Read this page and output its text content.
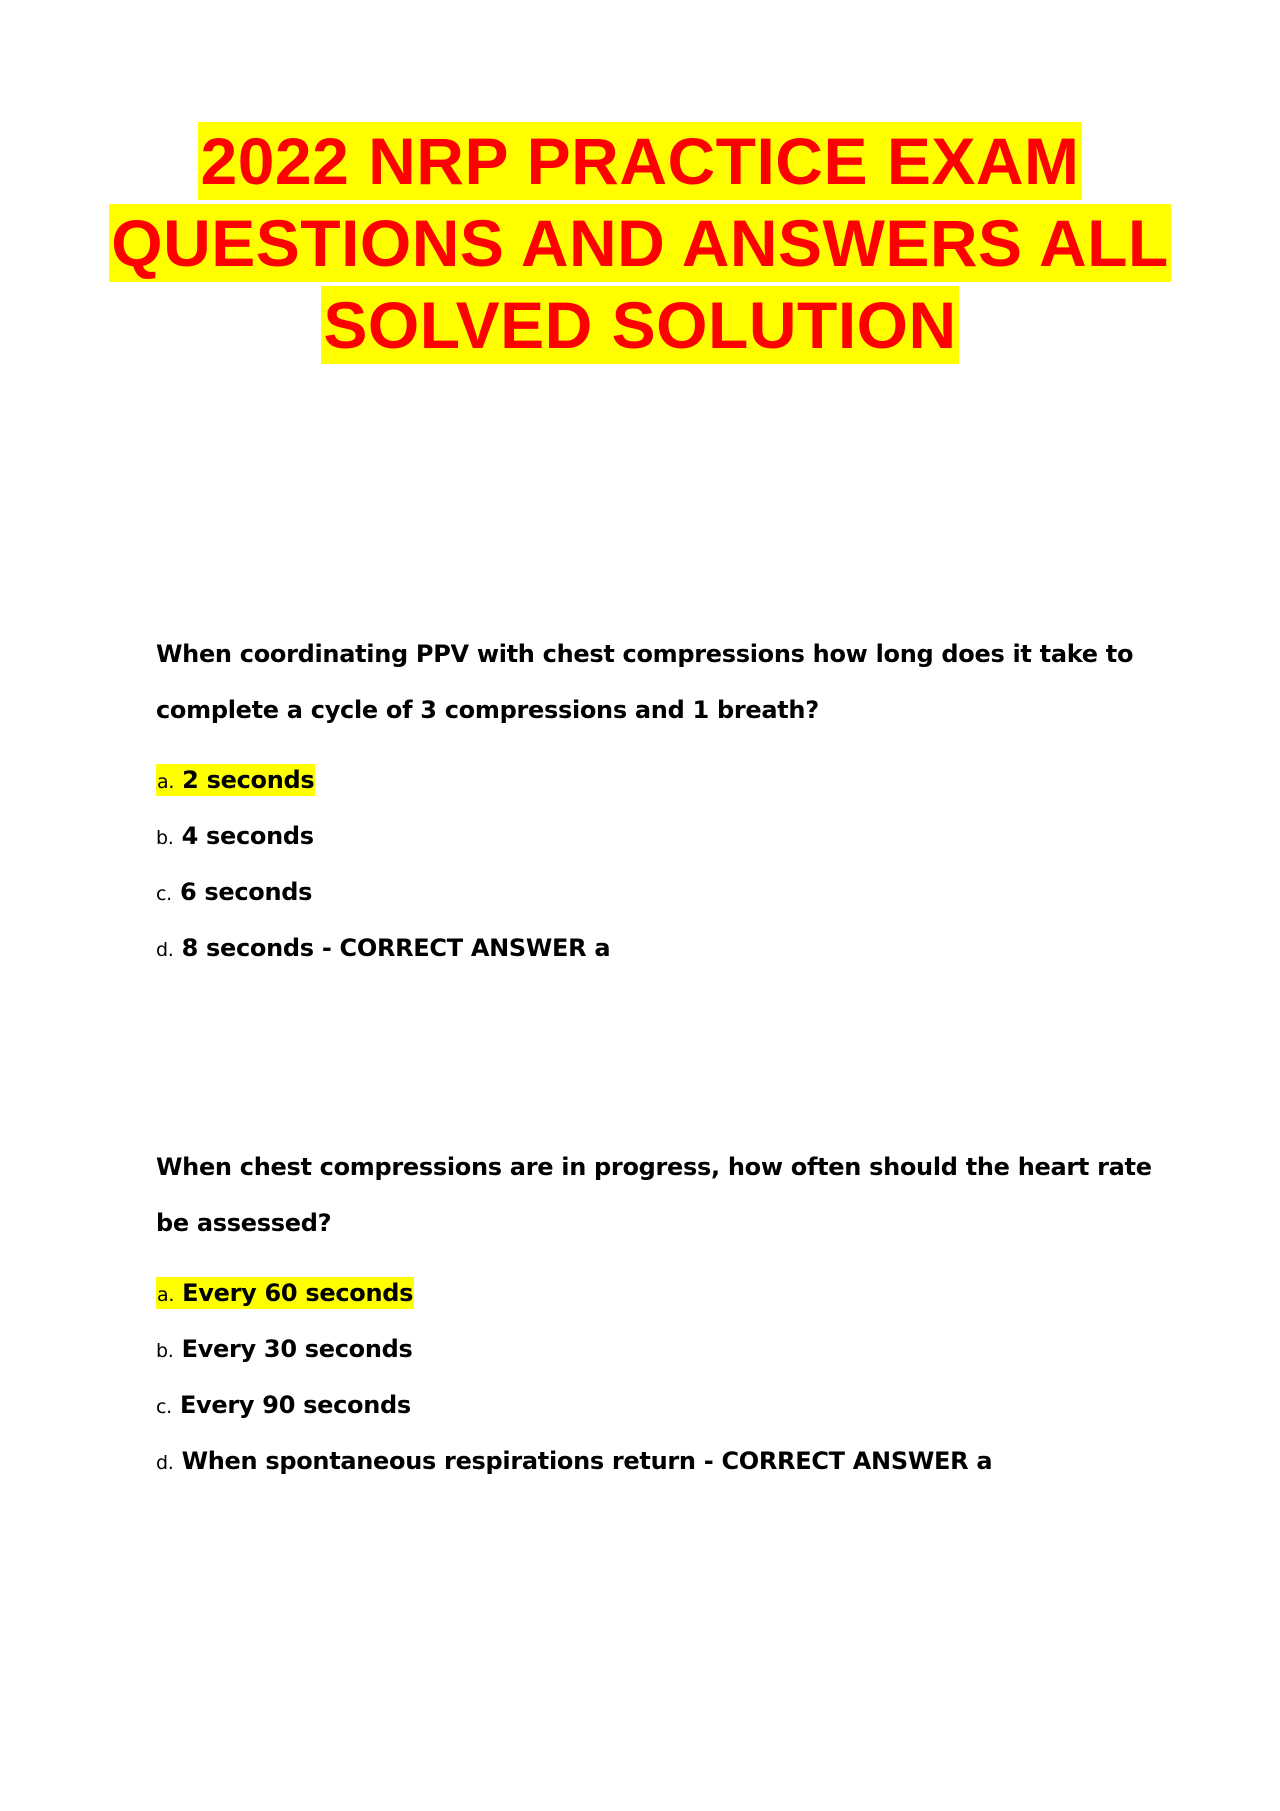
2022 NRP PRACTICE EXAM
QUESTIONS AND ANSWERS ALL
SOLVED SOLUTION

When coordinating PPV with chest compressions how long does it take to complete a cycle of 3 compressions and 1 breath?

a. 2 seconds
b. 4 seconds
c. 6 seconds
d. 8 seconds - CORRECT ANSWER a

When chest compressions are in progress, how often should the heart rate be assessed?

a. Every 60 seconds
b. Every 30 seconds
c. Every 90 seconds
d. When spontaneous respirations return - CORRECT ANSWER a
